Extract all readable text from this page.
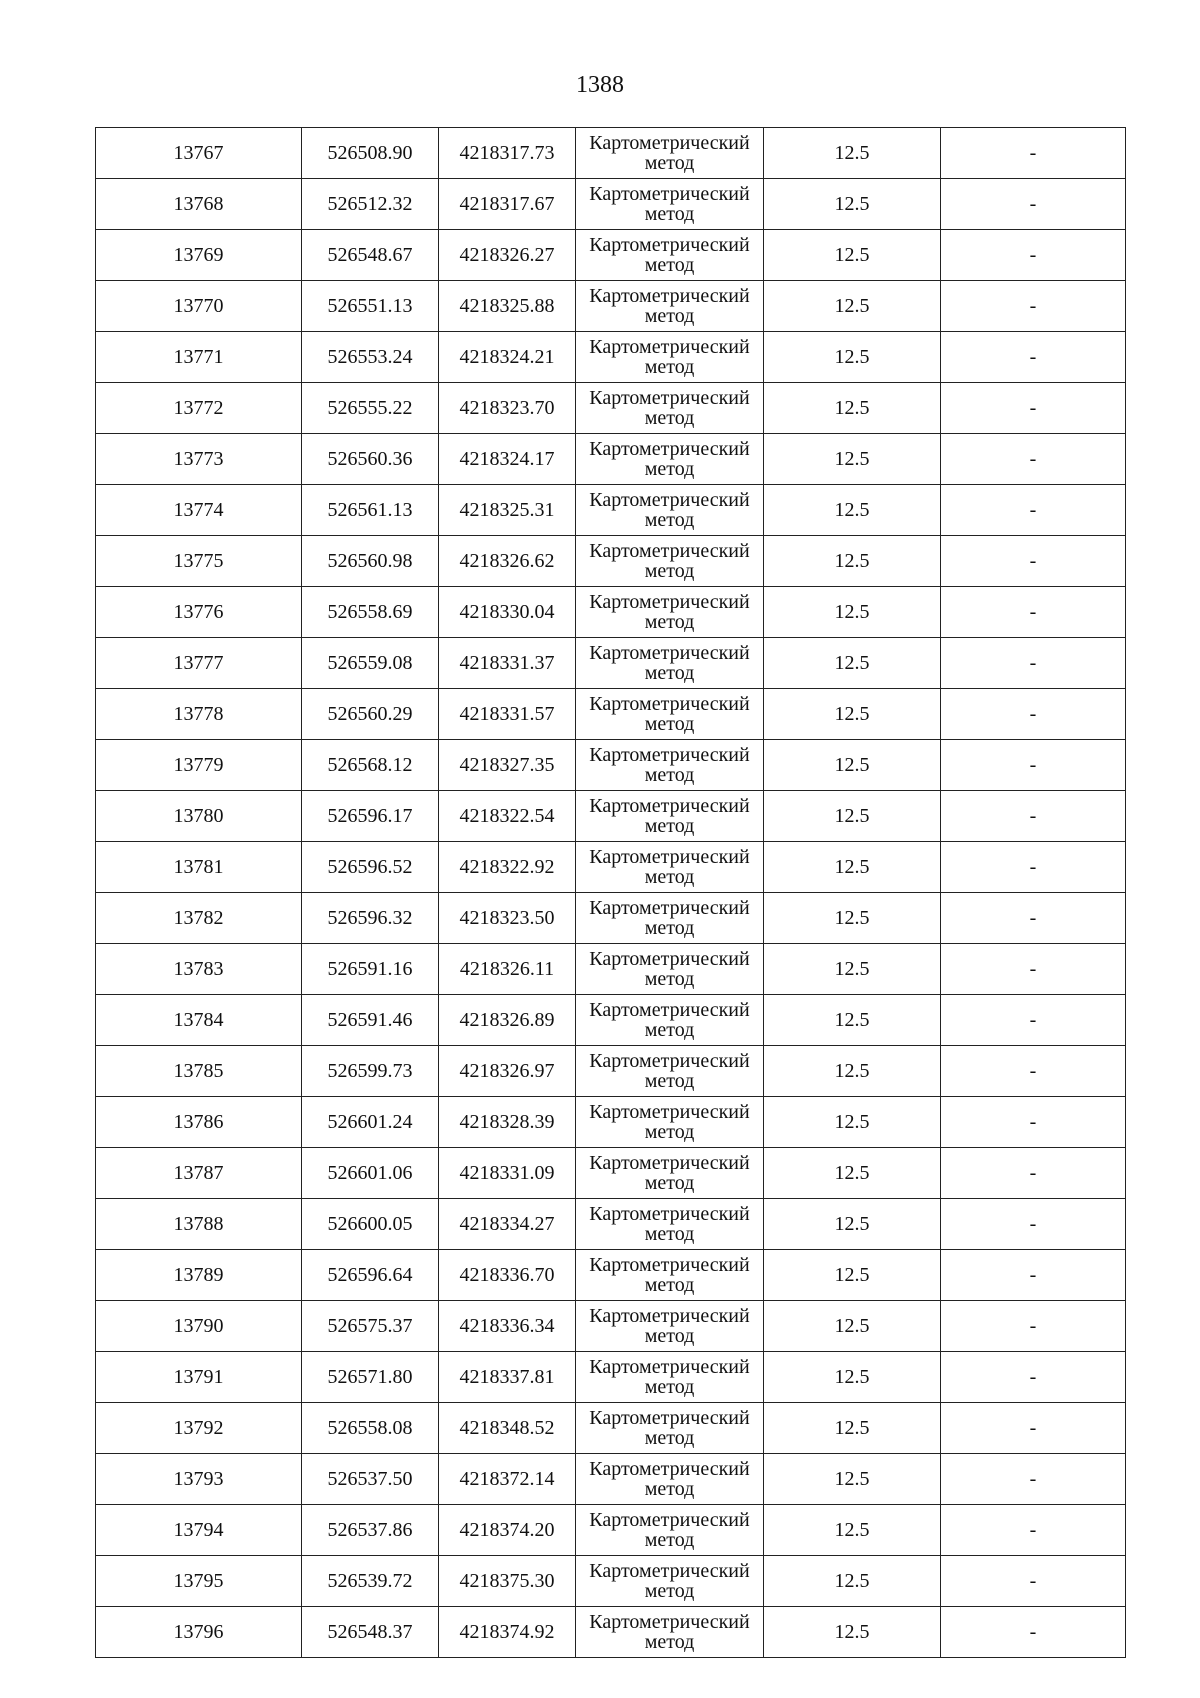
1388
13767	526508.90	4218317.73	Картометрический
метод	12.5	-
13768	526512.32	4218317.67	Картометрический
метод	12.5	-
13769	526548.67	4218326.27	Картометрический
метод	12.5	-
13770	526551.13	4218325.88	Картометрический
метод	12.5	-
13771	526553.24	4218324.21	Картометрический
метод	12.5	-
13772	526555.22	4218323.70	Картометрический
метод	12.5	-
13773	526560.36	4218324.17	Картометрический
метод	12.5	-
13774	526561.13	4218325.31	Картометрический
метод	12.5	-
13775	526560.98	4218326.62	Картометрический
метод	12.5	-
13776	526558.69	4218330.04	Картометрический
метод	12.5	-
13777	526559.08	4218331.37	Картометрический
метод	12.5	-
13778	526560.29	4218331.57	Картометрический
метод	12.5	-
13779	526568.12	4218327.35	Картометрический
метод	12.5	-
13780	526596.17	4218322.54	Картометрический
метод	12.5	-
13781	526596.52	4218322.92	Картометрический
метод	12.5	-
13782	526596.32	4218323.50	Картометрический
метод	12.5	-
13783	526591.16	4218326.11	Картометрический
метод	12.5	-
13784	526591.46	4218326.89	Картометрический
метод	12.5	-
13785	526599.73	4218326.97	Картометрический
метод	12.5	-
13786	526601.24	4218328.39	Картометрический
метод	12.5	-
13787	526601.06	4218331.09	Картометрический
метод	12.5	-
13788	526600.05	4218334.27	Картометрический
метод	12.5	-
13789	526596.64	4218336.70	Картометрический
метод	12.5	-
13790	526575.37	4218336.34	Картометрический
метод	12.5	-
13791	526571.80	4218337.81	Картометрический
метод	12.5	-
13792	526558.08	4218348.52	Картометрический
метод	12.5	-
13793	526537.50	4218372.14	Картометрический
метод	12.5	-
13794	526537.86	4218374.20	Картометрический
метод	12.5	-
13795	526539.72	4218375.30	Картометрический
метод	12.5	-
13796	526548.37	4218374.92	Картометрический
метод	12.5	-
